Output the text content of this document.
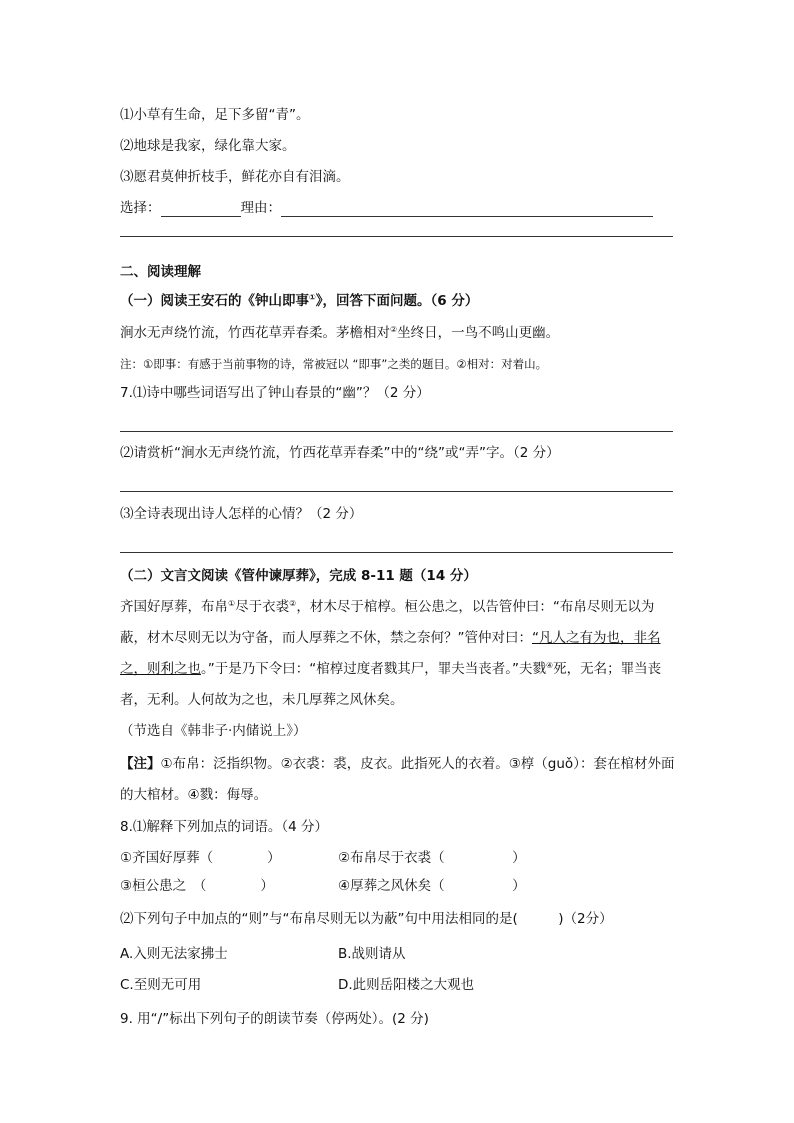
⑴小草有生命，足下多留“青”。
⑵地球是我家，绿化靠大家。
⑶愿君莫伸折枝手，鲜花亦自有泪滴。
选择：	理由：
二、阅读理解
（一）阅读王安石的《钟山即事①》，回答下面问题。（6 分）
涧水无声绕竹流，竹西花草弄春柔。茅檐相对②坐终日，一鸟不鸣山更幽。
注：①即事：有感于当前事物的诗，常被冠以 “即事”之类的题目。②相对：对着山。
7.⑴诗中哪些词语写出了钟山春景的“幽”？（2 分）
⑵请赏析“涧水无声绕竹流，竹西花草弄春柔”中的“绕”或“弄”字。（2 分）
⑶全诗表现出诗人怎样的心情？（2 分）
（二）文言文阅读《管仲谏厚葬》，完成 8-11 题（14 分）
齐国好厚葬，布帛①尽于衣裘②，材木尽于棺椁。桓公患之，以告管仲曰：“布帛尽则无以为
蔽，材木尽则无以为守备，而人厚葬之不休，禁之奈何？”管仲对曰：“凡人之有为也，非名
之，则利之也。”于是乃下令曰：“棺椁过度者戮其尸，罪夫当丧者。”夫戮④死，无名；罪当丧
者，无利。人何故为之也，未几厚葬之风休矣。
（节选自《韩非子·内储说上》）
【注】①布帛：泛指织物。②衣裘：裘，皮衣。此指死人的衣着。③椁（guǒ）：套在棺材外面
的大棺材。④戮：侮辱。
8.⑴解释下列加点的词语。（4 分）
①齐国好厚葬（　　　　）	②布帛尽于衣裘（　　　　　）
③桓公患之　（　　　　）	④厚葬之风休矣（　　　　　）
⑵下列句子中加点的“则”与“布帛尽则无以为蔽”句中用法相同的是(　　　)（2分）
A.入则无法家拂士	B.战则请从
C.至则无可用	D.此则岳阳楼之大观也
9. 用“/”标出下列句子的朗读节奏（停两处）。(2 分)
